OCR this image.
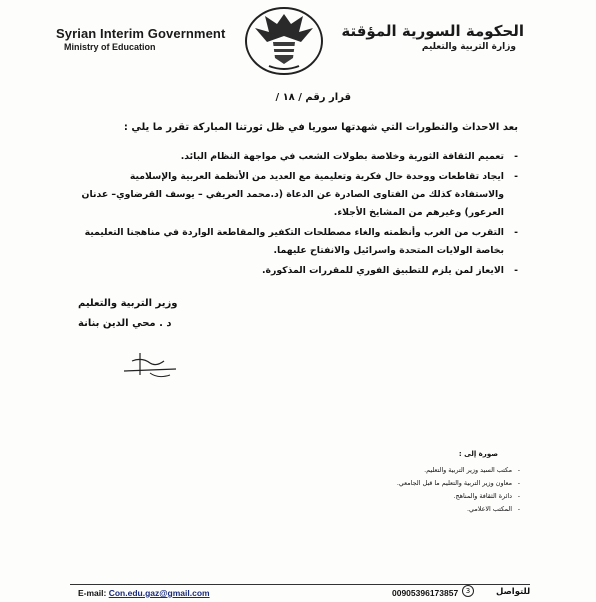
Syrian Interim Government
Ministry of Education
الحكومة السورية المؤقتة
وزارة التربية والتعليم
قرار رقم / ١٨ /
بعد الاحداث والتطورات التي شهدتها سوريا في ظل ثورتنا المباركة تقرر ما يلي :
-
تعميم الثقافة الثورية وخلاصة بطولات الشعب في مواجهة النظام البائد.
-
ايجاد تقاطعات ووحدة حال فكرية وتعليمية مع العديد من الأنظمة العربية والإسلامية والاستفادة كذلك من الفتاوى الصادرة عن الدعاة (د.محمد العريفي – يوسف القرضاوي– عدنان العرعور) وغيرهم من المشايخ الأجلاء.
-
التقرب من الغرب وأنظمته والغاء مصطلحات التكفير والمقاطعة الواردة في مناهجنا التعليمية بخاصة الولايات المتحدة واسرائيل والانفتاح عليهما.
-
الايعاز لمن يلزم للتطبيق الفوري للمقررات المذكورة.
وزير التربية والتعليم
د . محي الدين بنانة
صورة إلى :
-
مكتب السيد وزير التربية والتعليم.
-
معاون وزير التربية والتعليم ما قبل الجامعي.
-
دائرة الثقافة والمناهج.
-
المكتب الاعلامي.
E-mail: Con.edu.gaz@gmail.com	00905396173857	3	للتواصل
